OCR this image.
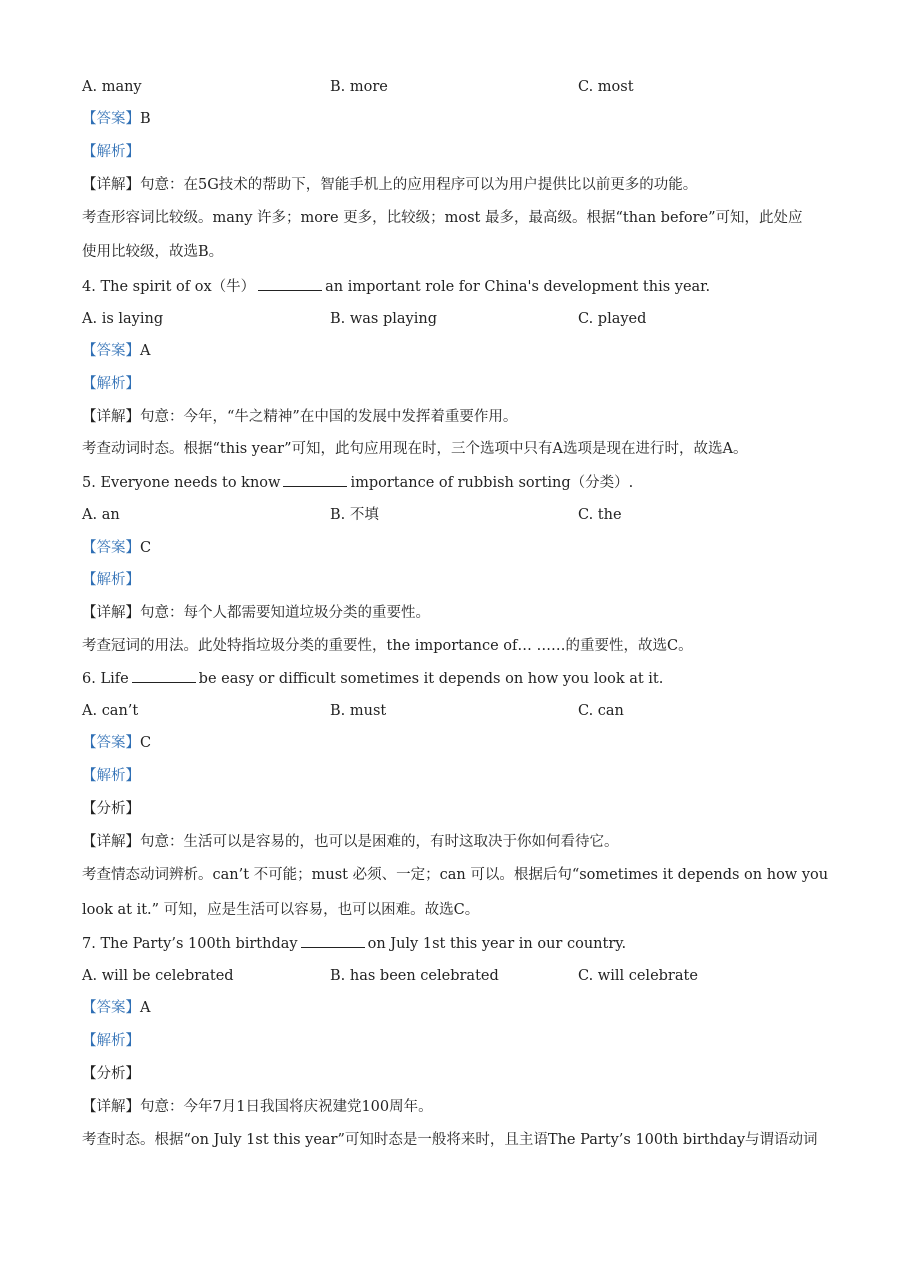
A. many	B. more	C. most
【答案】B
【解析】
【详解】句意：在5G技术的帮助下，智能手机上的应用程序可以为用户提供比以前更多的功能。
考查形容词比较级。many 许多；more 更多，比较级；most 最多，最高级。根据“than before”可知，此处应
使用比较级，故选B。
4. The spirit of ox（牛）	an important role for China's development this year.
A. is laying	B. was playing	C. played
【答案】A
【解析】
【详解】句意：今年，“牛之精神”在中国的发展中发挥着重要作用。
考查动词时态。根据“this year”可知，此句应用现在时，三个选项中只有A选项是现在进行时，故选A。
5. Everyone needs to know	importance of rubbish sorting（分类）.
A. an	B. 不填	C. the
【答案】C
【解析】
【详解】句意：每个人都需要知道垃圾分类的重要性。
考查冠词的用法。此处特指垃圾分类的重要性，the importance of… ……的重要性，故选C。
6. Life	be easy or difficult sometimes it depends on how you look at it.
A. can’t	B. must	C. can
【答案】C
【解析】
【分析】
【详解】句意：生活可以是容易的，也可以是困难的，有时这取决于你如何看待它。
考查情态动词辨析。can’t 不可能；must 必须、一定；can 可以。根据后句“sometimes it depends on how you
look at it.” 可知，应是生活可以容易，也可以困难。故选C。
7. The Party’s 100th birthday	on July 1st this year in our country.
A. will be celebrated	B. has been celebrated	C. will celebrate
【答案】A
【解析】
【分析】
【详解】句意：今年7月1日我国将庆祝建党100周年。
考查时态。根据“on July 1st this year”可知时态是一般将来时，且主语The Party’s 100th birthday与谓语动词
